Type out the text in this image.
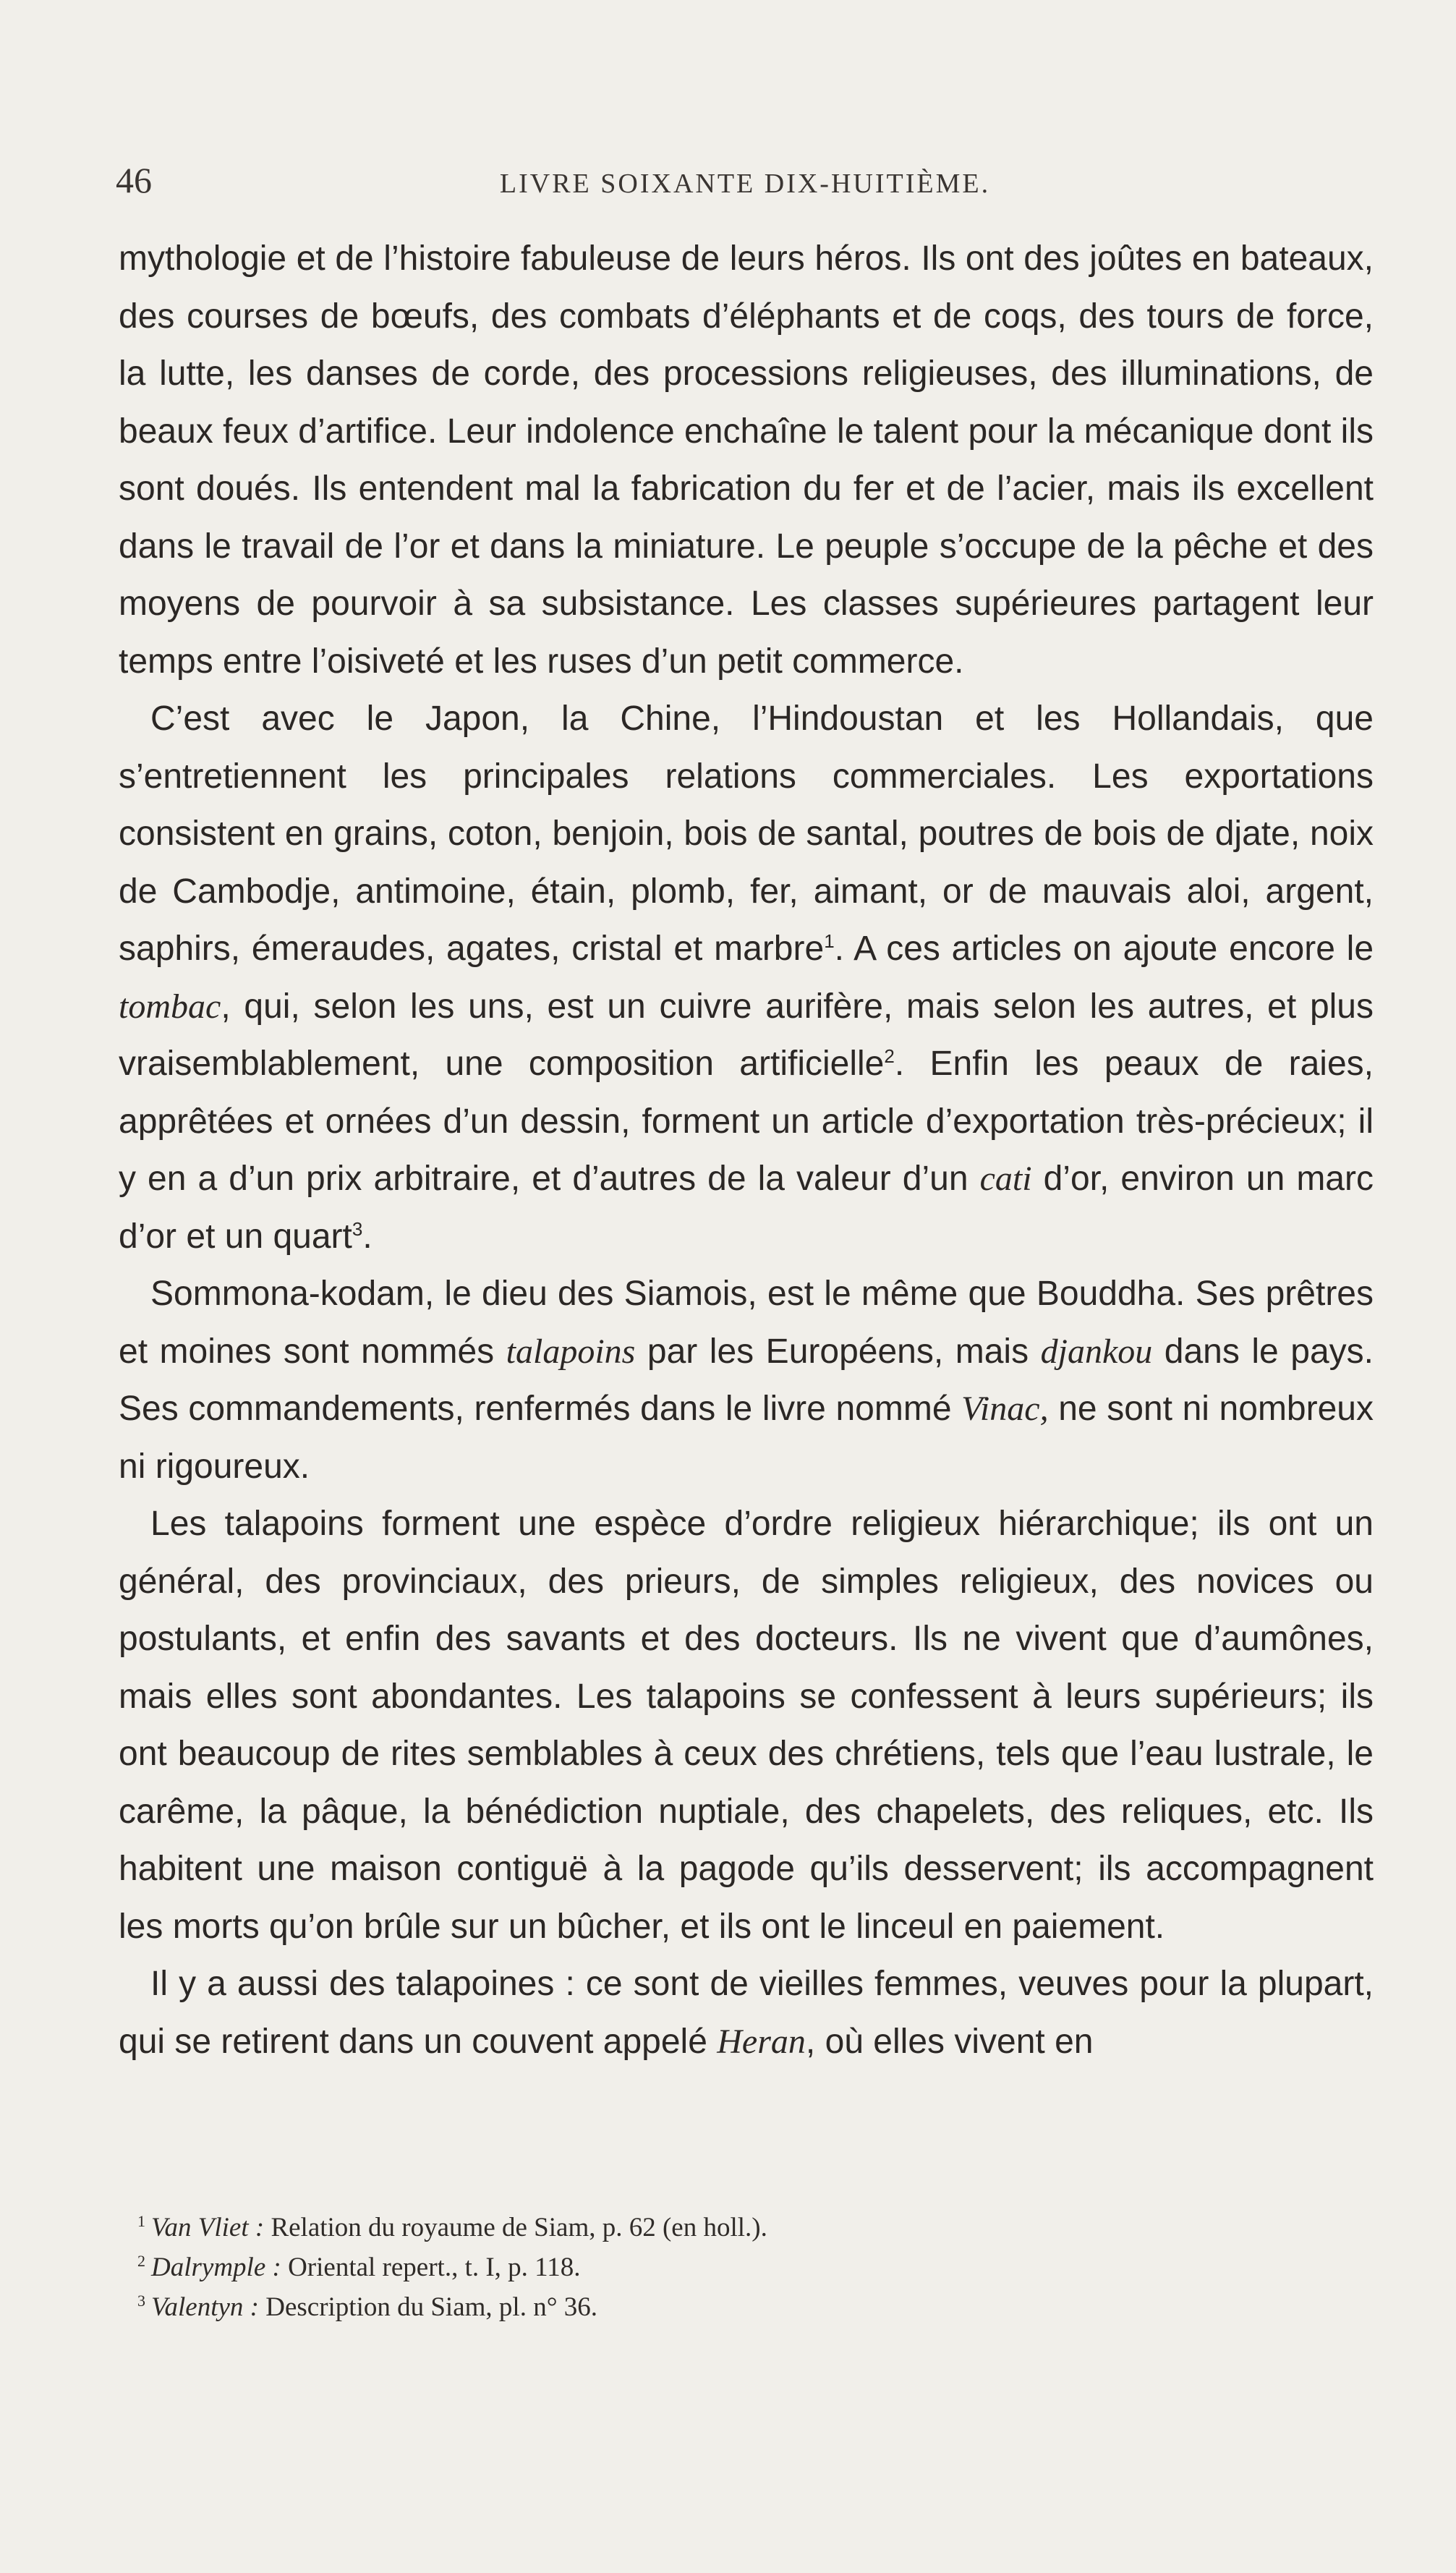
46	LIVRE SOIXANTE DIX-HUITIÈME.

mythologie et de l’histoire fabuleuse de leurs héros. Ils ont des joûtes en bateaux, des courses de bœufs, des combats d’éléphants et de coqs, des tours de force, la lutte, les danses de corde, des processions religieuses, des illuminations, de beaux feux d’artifice. Leur indolence enchaîne le talent pour la mécanique dont ils sont doués. Ils entendent mal la fabrication du fer et de l’acier, mais ils excellent dans le travail de l’or et dans la miniature. Le peuple s’occupe de la pêche et des moyens de pourvoir à sa subsistance. Les classes supérieures partagent leur temps entre l’oisiveté et les ruses d’un petit commerce.

C’est avec le Japon, la Chine, l’Hindoustan et les Hollandais, que s’entretiennent les principales relations commerciales. Les exportations consistent en grains, coton, benjoin, bois de santal, poutres de bois de djate, noix de Cambodje, antimoine, étain, plomb, fer, aimant, or de mauvais aloi, argent, saphirs, émeraudes, agates, cristal et marbre$^1$. A ces articles on ajoute encore le tombac, qui, selon les uns, est un cuivre aurifère, mais selon les autres, et plus vraisemblablement, une composition artificielle$^2$. Enfin les peaux de raies, apprêtées et ornées d’un dessin, forment un article d’exportation très-précieux; il y en a d’un prix arbitraire, et d’autres de la valeur d’un cati d’or, environ un marc d’or et un quart$^3$.

Sommona-kodam, le dieu des Siamois, est le même que Bouddha. Ses prêtres et moines sont nommés talapoins par les Européens, mais djankou dans le pays. Ses commandements, renfermés dans le livre nommé Vinac, ne sont ni nombreux ni rigoureux.

Les talapoins forment une espèce d’ordre religieux hiérarchique; ils ont un général, des provinciaux, des prieurs, de simples religieux, des novices ou postulants, et enfin des savants et des docteurs. Ils ne vivent que d’aumônes, mais elles sont abondantes. Les talapoins se confessent à leurs supérieurs; ils ont beaucoup de rites semblables à ceux des chrétiens, tels que l’eau lustrale, le carême, la pâque, la bénédiction nuptiale, des chapelets, des reliques, etc. Ils habitent une maison contiguë à la pagode qu’ils desservent; ils accompagnent les morts qu’on brûle sur un bûcher, et ils ont le linceul en paiement.

Il y a aussi des talapoines : ce sont de vieilles femmes, veuves pour la plupart, qui se retirent dans un couvent appelé Heran, où elles vivent en

$^1$ Van Vliet : Relation du royaume de Siam, p. 62 (en holl.).
$^2$ Dalrymple : Oriental repert., t. I, p. 118.
$^3$ Valentyn : Description du Siam, pl. n° 36.
